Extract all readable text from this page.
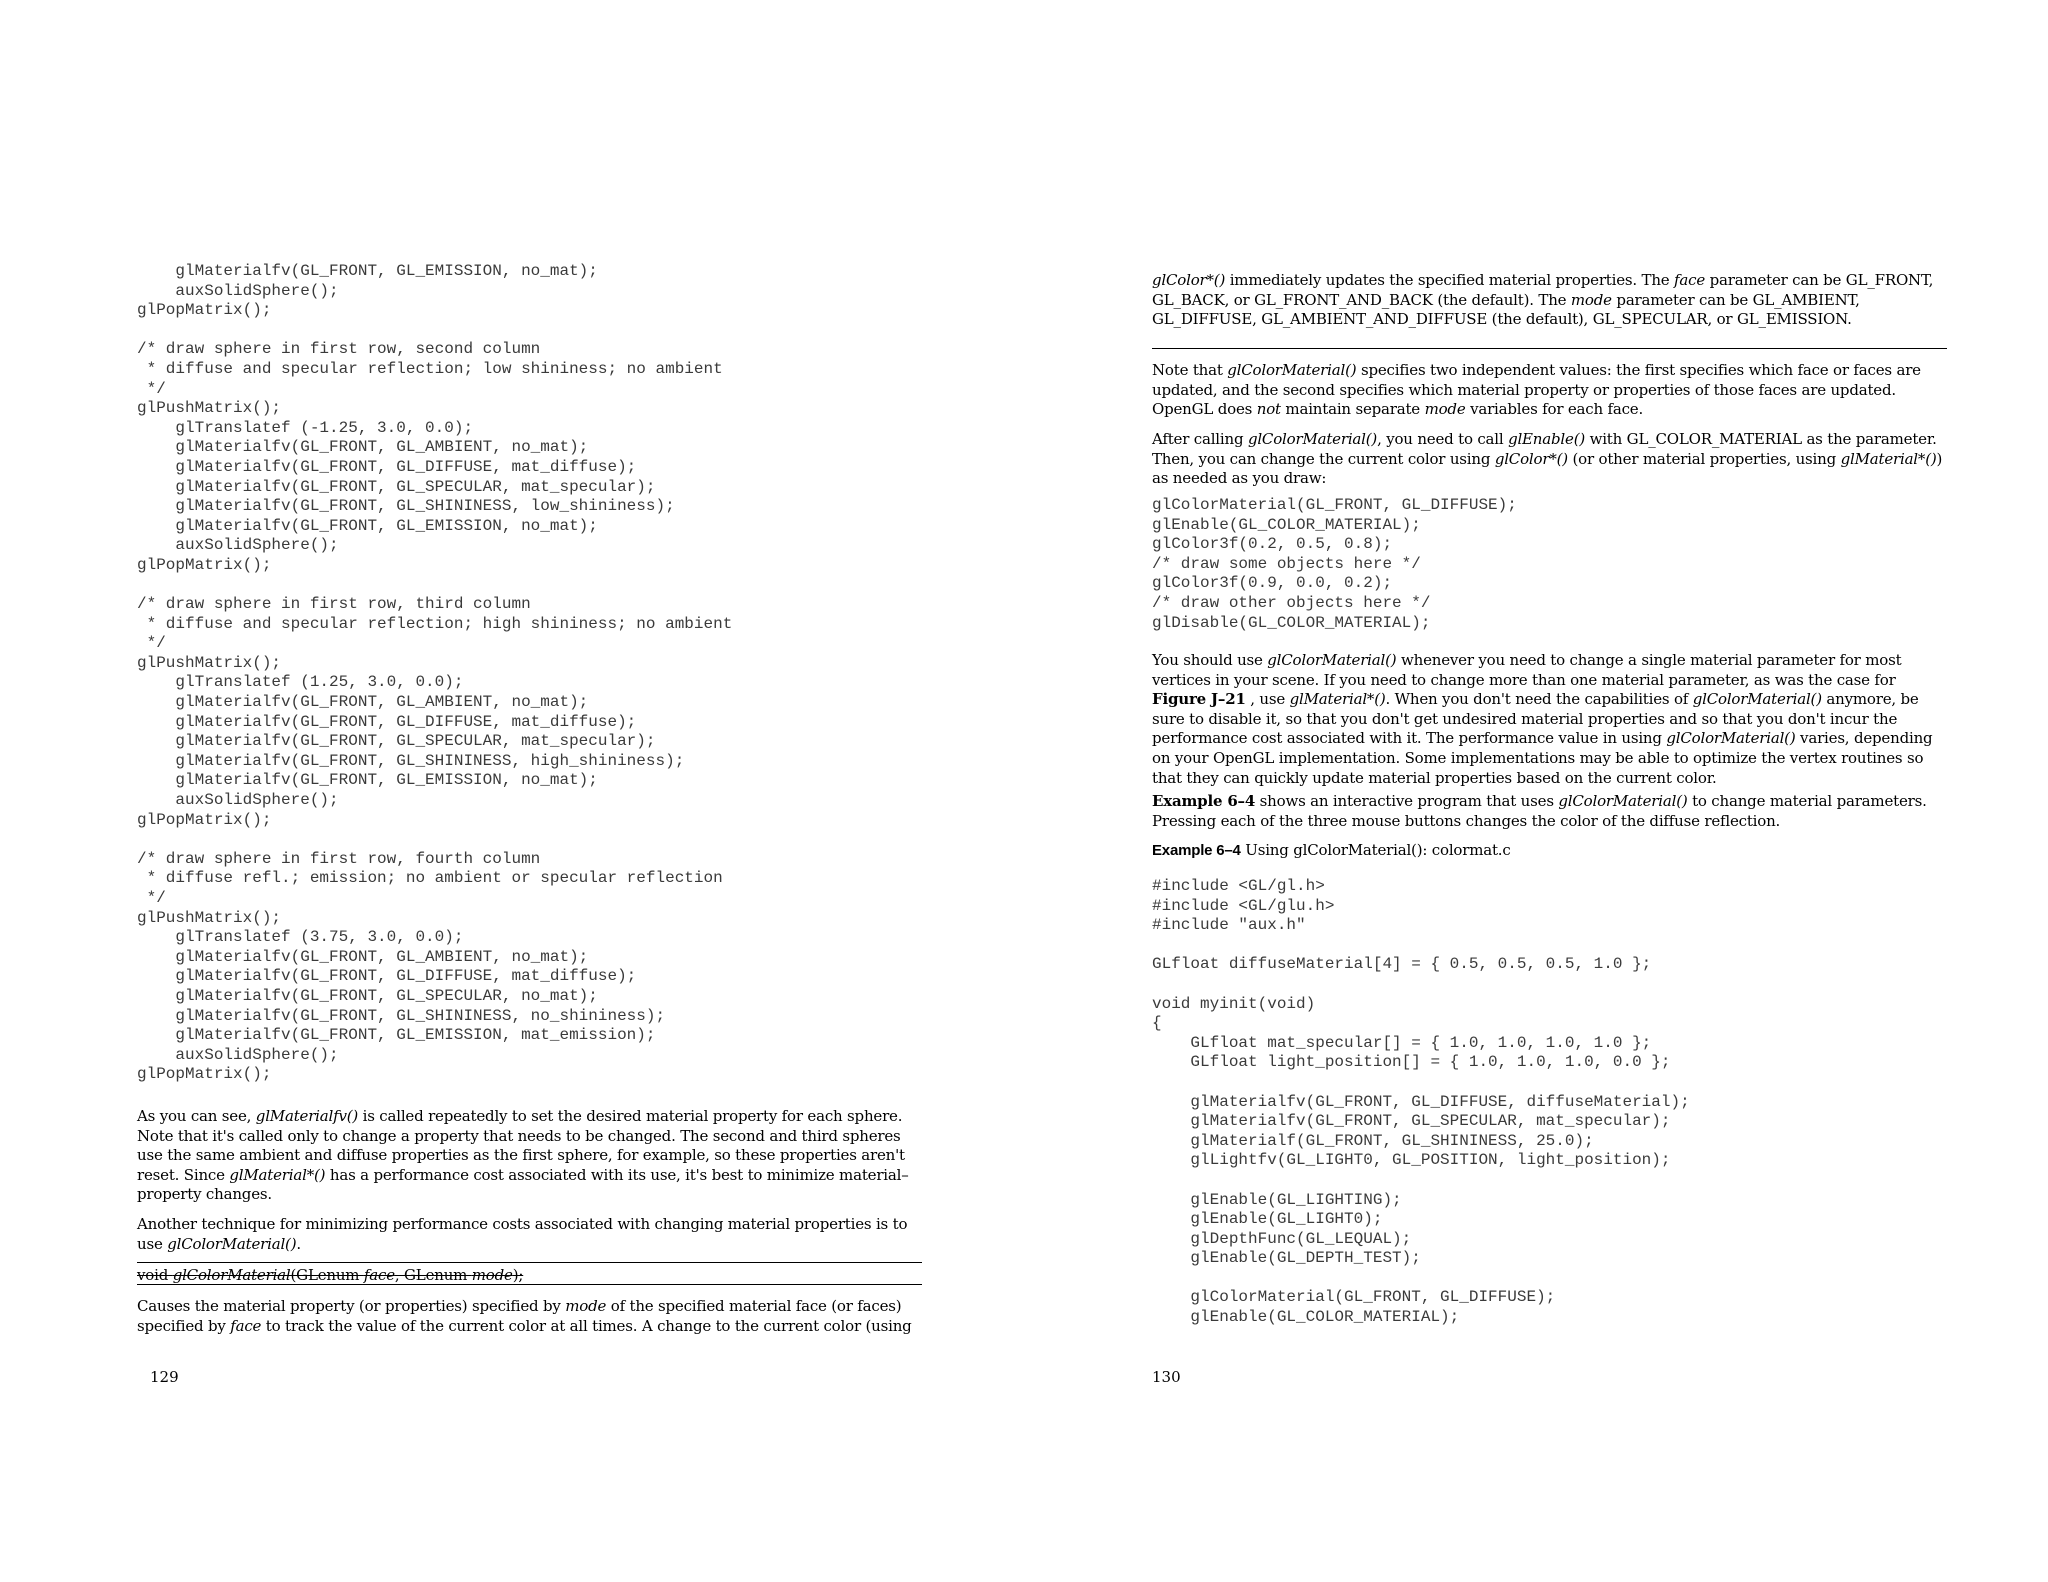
glMaterialfv(GL_FRONT, GL_EMISSION, no_mat);
auxSolidSphere();
glPopMatrix();

/* draw sphere in first row, second column
* diffuse and specular reflection; low shininess; no ambient
*/
glPushMatrix();
glTranslatef (-1.25, 3.0, 0.0);
glMaterialfv(GL_FRONT, GL_AMBIENT, no_mat);
glMaterialfv(GL_FRONT, GL_DIFFUSE, mat_diffuse);
glMaterialfv(GL_FRONT, GL_SPECULAR, mat_specular);
glMaterialfv(GL_FRONT, GL_SHININESS, low_shininess);
glMaterialfv(GL_FRONT, GL_EMISSION, no_mat);
auxSolidSphere();
glPopMatrix();

/* draw sphere in first row, third column
* diffuse and specular reflection; high shininess; no ambient
*/
glPushMatrix();
glTranslatef (1.25, 3.0, 0.0);
glMaterialfv(GL_FRONT, GL_AMBIENT, no_mat);
glMaterialfv(GL_FRONT, GL_DIFFUSE, mat_diffuse);
glMaterialfv(GL_FRONT, GL_SPECULAR, mat_specular);
glMaterialfv(GL_FRONT, GL_SHININESS, high_shininess);
glMaterialfv(GL_FRONT, GL_EMISSION, no_mat);
auxSolidSphere();
glPopMatrix();

/* draw sphere in first row, fourth column
* diffuse refl.; emission; no ambient or specular reflection
*/
glPushMatrix();
glTranslatef (3.75, 3.0, 0.0);
glMaterialfv(GL_FRONT, GL_AMBIENT, no_mat);
glMaterialfv(GL_FRONT, GL_DIFFUSE, mat_diffuse);
glMaterialfv(GL_FRONT, GL_SPECULAR, no_mat);
glMaterialfv(GL_FRONT, GL_SHININESS, no_shininess);
glMaterialfv(GL_FRONT, GL_EMISSION, mat_emission);
auxSolidSphere();
glPopMatrix();

As you can see, glMaterialfv() is called repeatedly to set the desired material property for each sphere. Note that it's called only to change a property that needs to be changed. The second and third spheres use the same ambient and diffuse properties as the first sphere, for example, so these properties aren't reset. Since glMaterial*() has a performance cost associated with its use, it's best to minimize material–property changes.

Another technique for minimizing performance costs associated with changing material properties is to use glColorMaterial().

void glColorMaterial(GLenum face, GLenum mode);

Causes the material property (or properties) specified by mode of the specified material face (or faces) specified by face to track the value of the current color at all times. A change to the current color (using

129

glColor*() immediately updates the specified material properties. The face parameter can be GL_FRONT, GL_BACK, or GL_FRONT_AND_BACK (the default). The mode parameter can be GL_AMBIENT, GL_DIFFUSE, GL_AMBIENT_AND_DIFFUSE (the default), GL_SPECULAR, or GL_EMISSION.

Note that glColorMaterial() specifies two independent values: the first specifies which face or faces are updated, and the second specifies which material property or properties of those faces are updated. OpenGL does not maintain separate mode variables for each face.

After calling glColorMaterial(), you need to call glEnable() with GL_COLOR_MATERIAL as the parameter. Then, you can change the current color using glColor*() (or other material properties, using glMaterial*()) as needed as you draw:

glColorMaterial(GL_FRONT, GL_DIFFUSE);
glEnable(GL_COLOR_MATERIAL);
glColor3f(0.2, 0.5, 0.8);
/* draw some objects here */
glColor3f(0.9, 0.0, 0.2);
/* draw other objects here */
glDisable(GL_COLOR_MATERIAL);

You should use glColorMaterial() whenever you need to change a single material parameter for most vertices in your scene. If you need to change more than one material parameter, as was the case for Figure J–21 , use glMaterial*(). When you don't need the capabilities of glColorMaterial() anymore, be sure to disable it, so that you don't get undesired material properties and so that you don't incur the performance cost associated with it. The performance value in using glColorMaterial() varies, depending on your OpenGL implementation. Some implementations may be able to optimize the vertex routines so that they can quickly update material properties based on the current color.

Example 6–4 shows an interactive program that uses glColorMaterial() to change material parameters. Pressing each of the three mouse buttons changes the color of the diffuse reflection.

Example 6–4 Using glColorMaterial(): colormat.c

#include <GL/gl.h>
#include <GL/glu.h>
#include "aux.h"

GLfloat diffuseMaterial[4] = { 0.5, 0.5, 0.5, 1.0 };

void myinit(void)
{
GLfloat mat_specular[] = { 1.0, 1.0, 1.0, 1.0 };
GLfloat light_position[] = { 1.0, 1.0, 1.0, 0.0 };

glMaterialfv(GL_FRONT, GL_DIFFUSE, diffuseMaterial);
glMaterialfv(GL_FRONT, GL_SPECULAR, mat_specular);
glMaterialf(GL_FRONT, GL_SHININESS, 25.0);
glLightfv(GL_LIGHT0, GL_POSITION, light_position);

glEnable(GL_LIGHTING);
glEnable(GL_LIGHT0);
glDepthFunc(GL_LEQUAL);
glEnable(GL_DEPTH_TEST);

glColorMaterial(GL_FRONT, GL_DIFFUSE);
glEnable(GL_COLOR_MATERIAL);
130
